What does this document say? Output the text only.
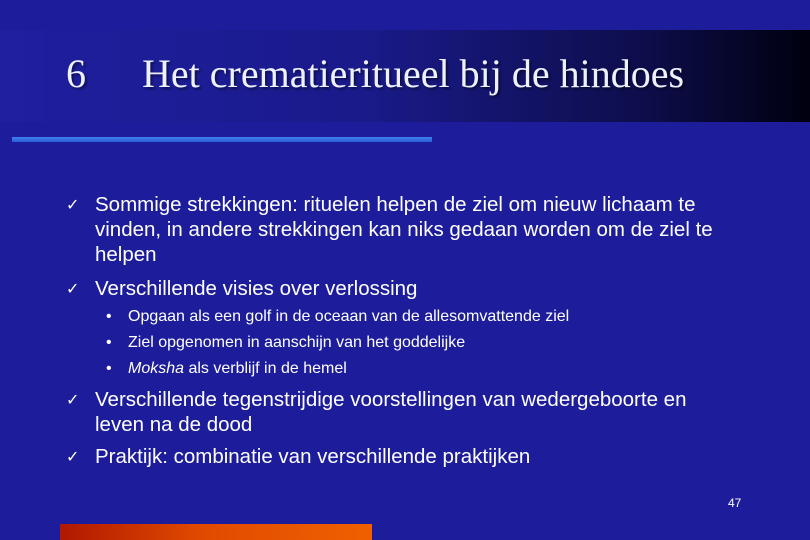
6 Het crematieritueel bij de hindoes
✓ Sommige strekkingen: rituelen helpen de ziel om nieuw lichaam te vinden, in andere strekkingen kan niks gedaan worden om de ziel te helpen
✓ Verschillende visies over verlossing
• Opgaan als een golf in de oceaan van de allesomvattende ziel
• Ziel opgenomen in aanschijn van het goddelijke
• Moksha als verblijf in de hemel
✓ Verschillende tegenstrijdige voorstellingen van wedergeboorte en leven na de dood
✓ Praktijk: combinatie van verschillende praktijken
47
